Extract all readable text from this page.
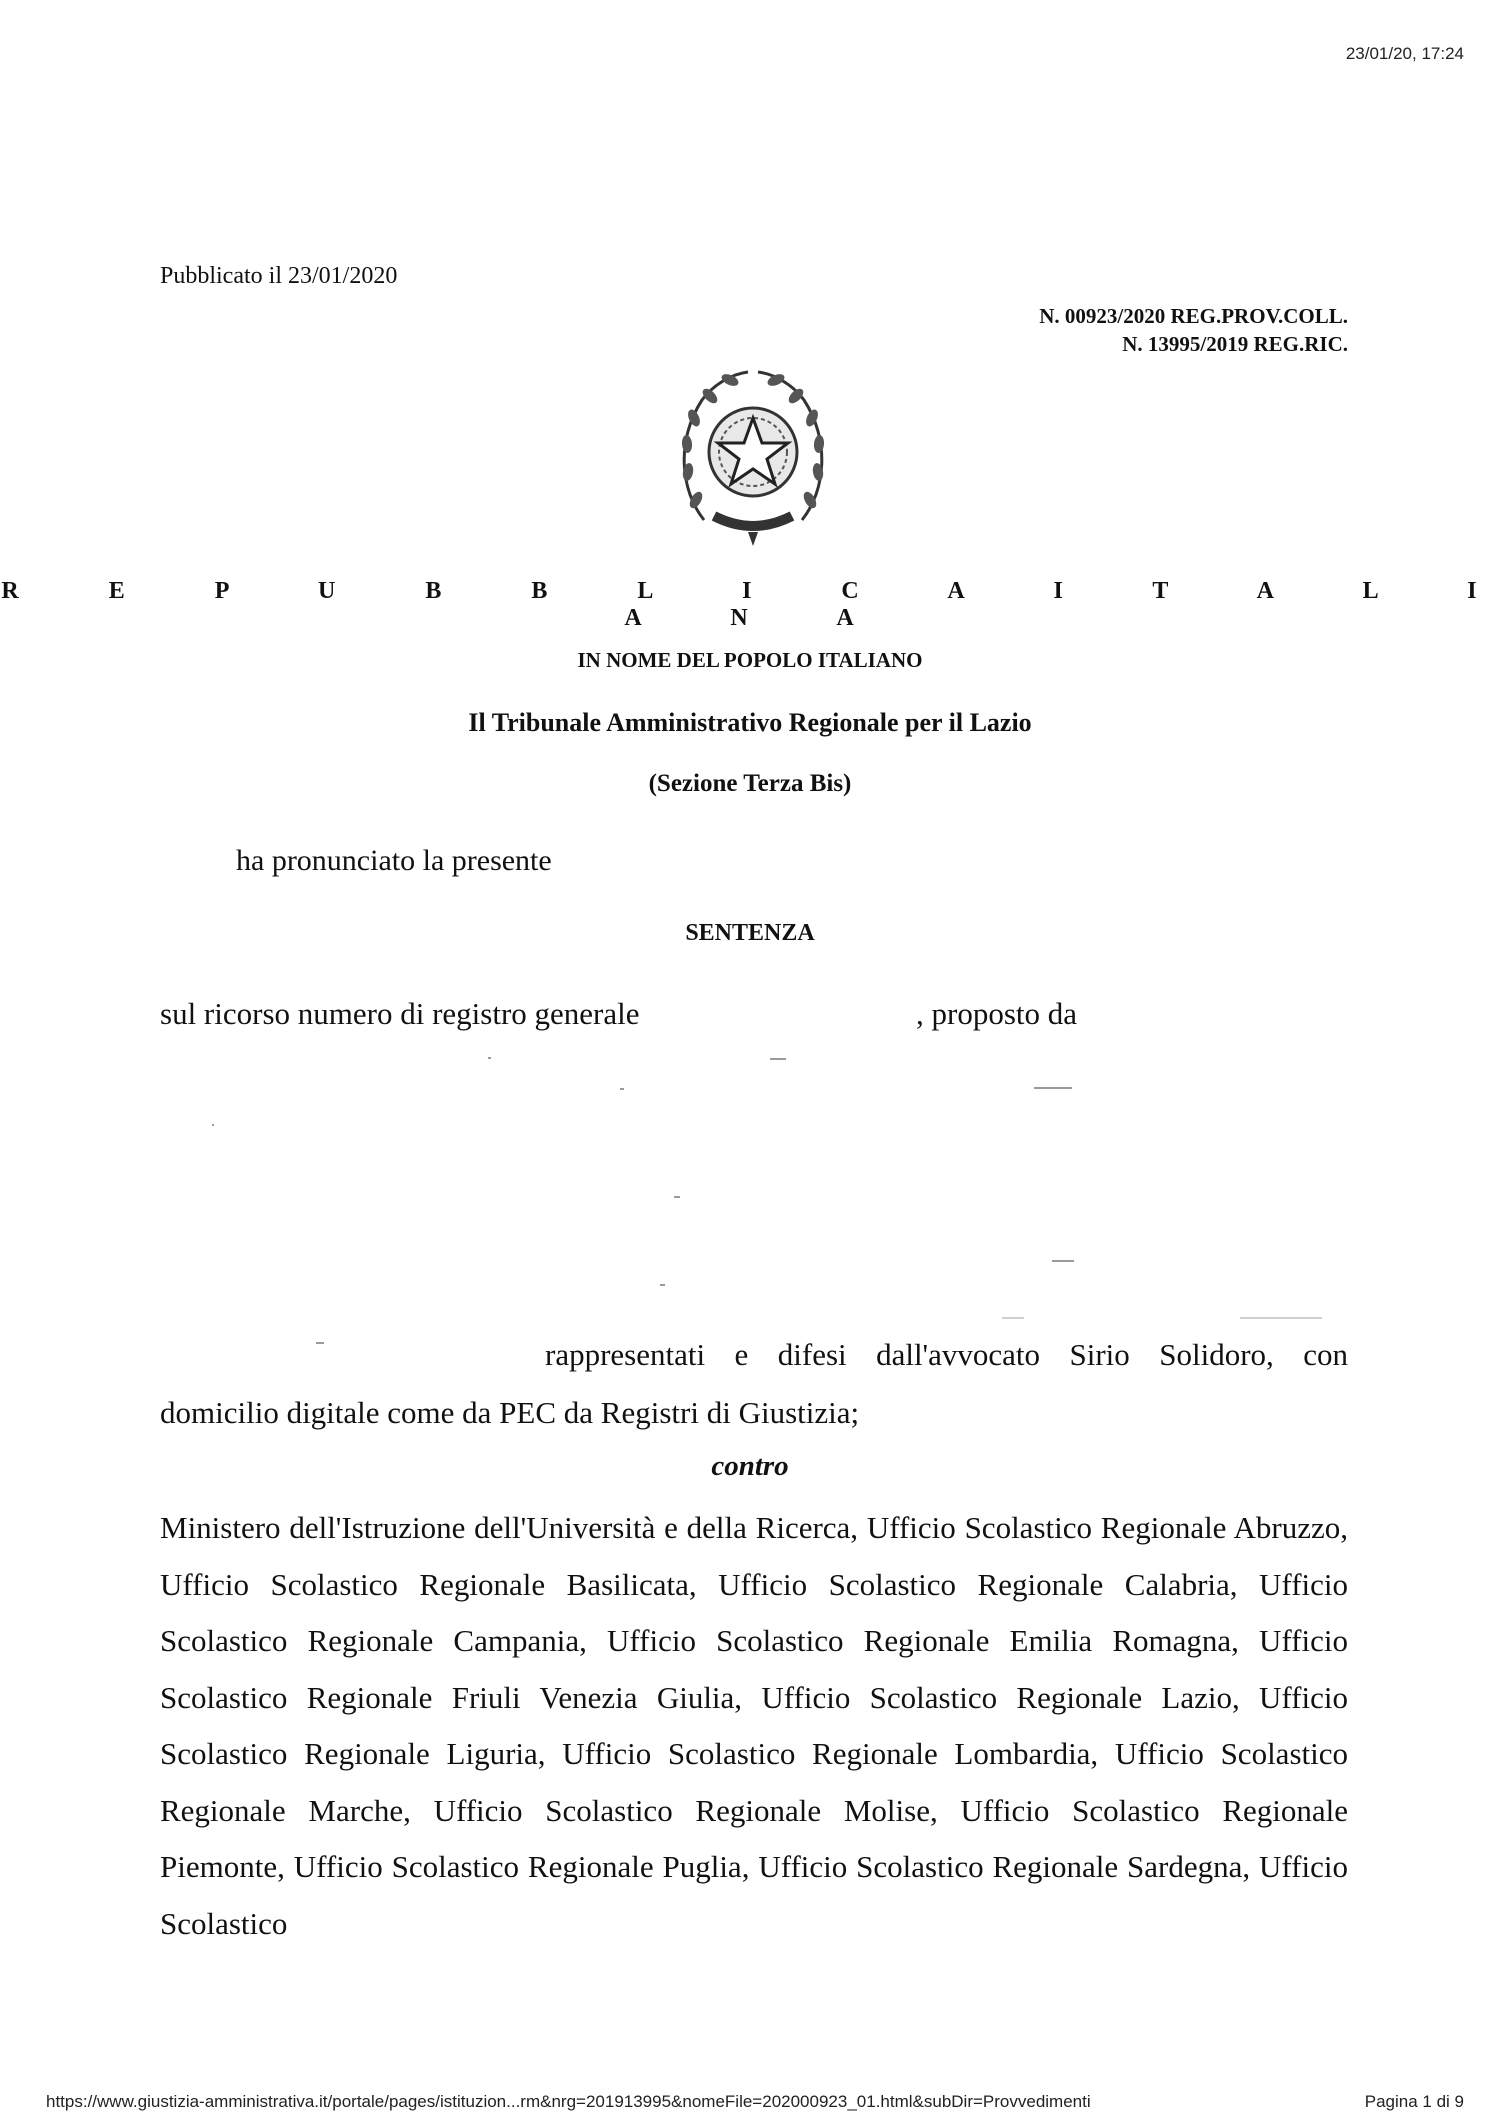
23/01/20, 17:24
Pubblicato il 23/01/2020
N. 00923/2020 REG.PROV.COLL.
N. 13995/2019 REG.RIC.
R E P U B B L I C A I T A L I A N A
IN NOME DEL POPOLO ITALIANO
Il Tribunale Amministrativo Regionale per il Lazio
(Sezione Terza Bis)
ha pronunciato la presente
SENTENZA
sul ricorso numero di registro generale	, proposto da
rappresentati e difesi dall'avvocato Sirio Solidoro, con
domicilio digitale come da PEC da Registri di Giustizia;
contro
Ministero dell'Istruzione dell'Università e della Ricerca, Ufficio Scolastico Regionale Abruzzo, Ufficio Scolastico Regionale Basilicata, Ufficio Scolastico Regionale Calabria, Ufficio Scolastico Regionale Campania, Ufficio Scolastico Regionale Emilia Romagna, Ufficio Scolastico Regionale Friuli Venezia Giulia, Ufficio Scolastico Regionale Lazio, Ufficio Scolastico Regionale Liguria, Ufficio Scolastico Regionale Lombardia, Ufficio Scolastico Regionale Marche, Ufficio Scolastico Regionale Molise, Ufficio Scolastico Regionale Piemonte, Ufficio Scolastico Regionale Puglia, Ufficio Scolastico Regionale Sardegna, Ufficio Scolastico
https://www.giustizia-amministrativa.it/portale/pages/istituzion...rm&nrg=201913995&nomeFile=202000923_01.html&subDir=Provvedimenti	Pagina 1 di 9
